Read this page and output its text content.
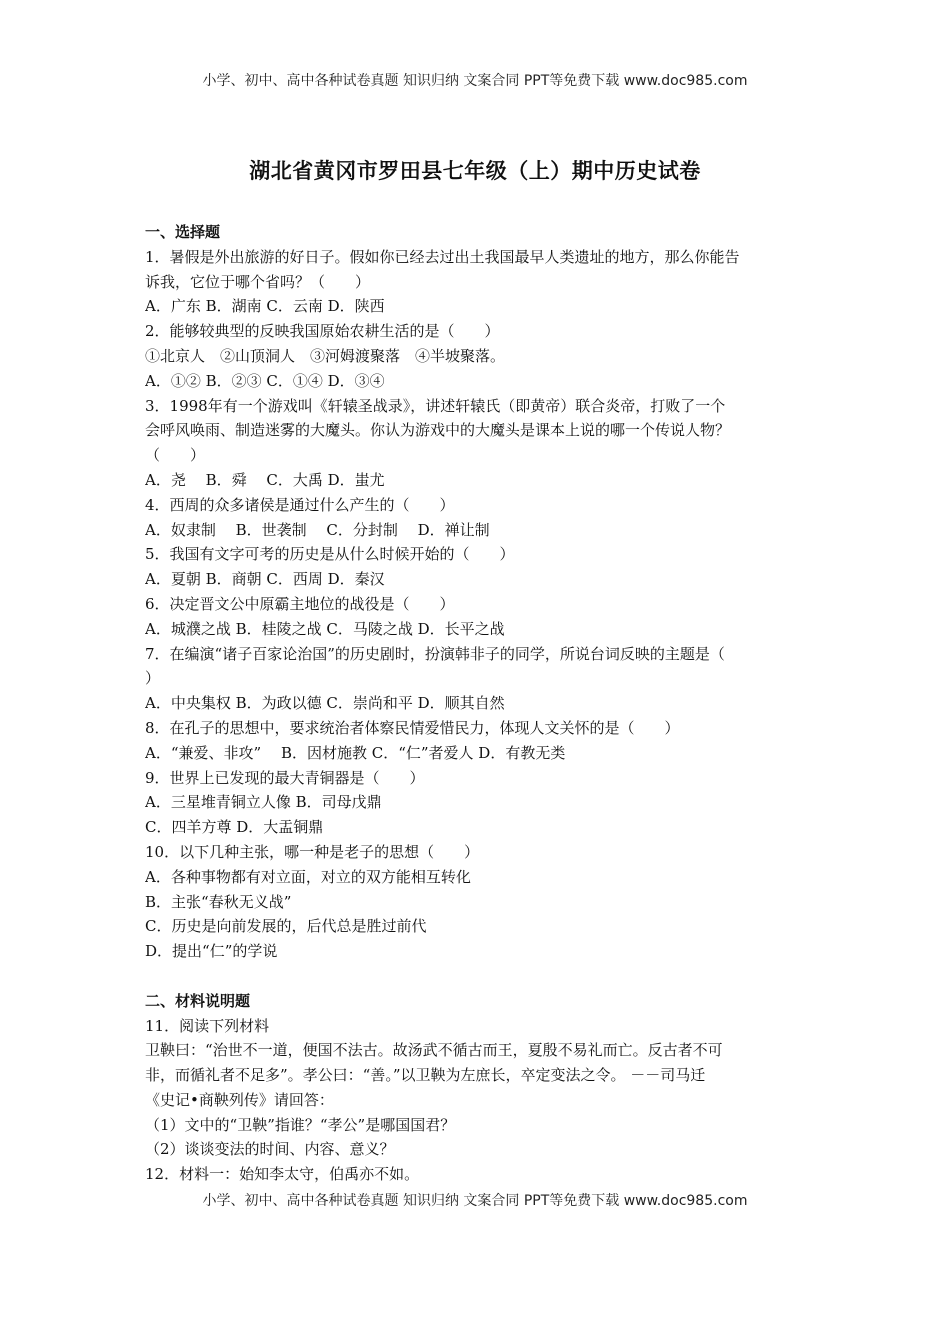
小学、初中、高中各种试卷真题 知识归纳 文案合同 PPT等免费下载 www.doc985.com
湖北省黄冈市罗田县七年级（上）期中历史试卷
一、选择题
1．暑假是外出旅游的好日子。假如你已经去过出土我国最早人类遗址的地方，那么你能告
诉我，它位于哪个省吗？（　　）
A．广东 B．湖南 C．云南 D．陕西
2．能够较典型的反映我国原始农耕生活的是（　　）
①北京人　②山顶洞人　③河姆渡聚落　④半坡聚落。
A．①② B．②③ C．①④ D．③④
3．1998年有一个游戏叫《轩辕圣战录》，讲述轩辕氏（即黄帝）联合炎帝，打败了一个
会呼风唤雨、制造迷雾的大魔头。你认为游戏中的大魔头是课本上说的哪一个传说人物？
（　　）
A．尧　 B．舜　 C．大禹 D．蚩尤
4．西周的众多诸侯是通过什么产生的（　　）
A．奴隶制　 B．世袭制　 C．分封制　 D．禅让制
5．我国有文字可考的历史是从什么时候开始的（　　）
A．夏朝 B．商朝 C．西周 D．秦汉
6．决定晋文公中原霸主地位的战役是（　　）
A．城濮之战 B．桂陵之战 C．马陵之战 D．长平之战
7．在编演“诸子百家论治国”的历史剧时，扮演韩非子的同学，所说台词反映的主题是（
）
A．中央集权 B．为政以德 C．崇尚和平 D．顺其自然
8．在孔子的思想中，要求统治者体察民情爱惜民力，体现人文关怀的是（　　）
A．“兼爱、非攻”　 B．因材施教 C．“仁”者爱人 D．有教无类
9．世界上已发现的最大青铜器是（　　）
A．三星堆青铜立人像 B．司母戊鼎
C．四羊方尊 D．大盂铜鼎
10．以下几种主张，哪一种是老子的思想（　　）
A．各种事物都有对立面，对立的双方能相互转化
B．主张“春秋无义战”
C．历史是向前发展的，后代总是胜过前代
D．提出“仁”的学说
二、材料说明题
11．阅读下列材料
卫鞅曰：“治世不一道，便国不法古。故汤武不循古而王，夏殷不易礼而亡。反古者不可
非，而循礼者不足多”。孝公曰：“善。”以卫鞅为左庶长，卒定变法之令。 －－司马迁
《史记•商鞅列传》请回答：
（1）文中的“卫鞅”指谁？“孝公”是哪国国君？
（2）谈谈变法的时间、内容、意义？
12．材料一：始知李太守，伯禹亦不如。
小学、初中、高中各种试卷真题 知识归纳 文案合同 PPT等免费下载 www.doc985.com
